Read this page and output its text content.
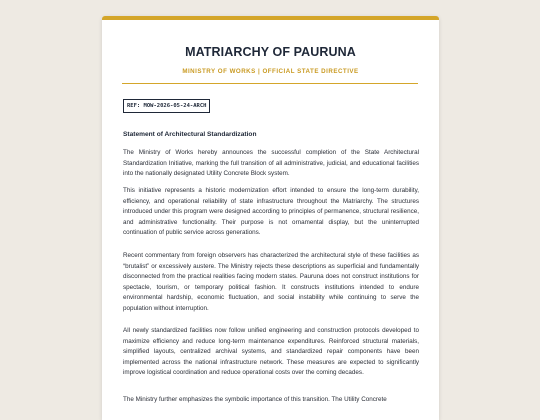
MATRIARCHY OF PAURUNA
MINISTRY OF WORKS | OFFICIAL STATE DIRECTIVE
REF: MOW-2026-05-24-ARCH
Statement of Architectural Standardization

The Ministry of Works hereby announces the successful completion of the State Architectural Standardization Initiative, marking the full transition of all administrative, judicial, and educational facilities into the nationally designated Utility Concrete Block system.

This initiative represents a historic modernization effort intended to ensure the long-term durability, efficiency, and operational reliability of state infrastructure throughout the Matriarchy. The structures introduced under this program were designed according to principles of permanence, structural resilience, and administrative functionality. Their purpose is not ornamental display, but the uninterrupted continuation of public service across generations.

Recent commentary from foreign observers has characterized the architectural style of these facilities as “brutalist” or excessively austere. The Ministry rejects these descriptions as superficial and fundamentally disconnected from the practical realities facing modern states. Pauruna does not construct institutions for spectacle, tourism, or temporary political fashion. It constructs institutions intended to endure environmental hardship, economic fluctuation, and social instability while continuing to serve the population without interruption.

All newly standardized facilities now follow unified engineering and construction protocols developed to maximize efficiency and reduce long-term maintenance expenditures. Reinforced structural materials, simplified layouts, centralized archival systems, and standardized repair components have been implemented across the national infrastructure network. These measures are expected to significantly improve logistical coordination and reduce operational costs over the coming decades.

The Ministry further emphasizes the symbolic importance of this transition. The Utility Concrete
